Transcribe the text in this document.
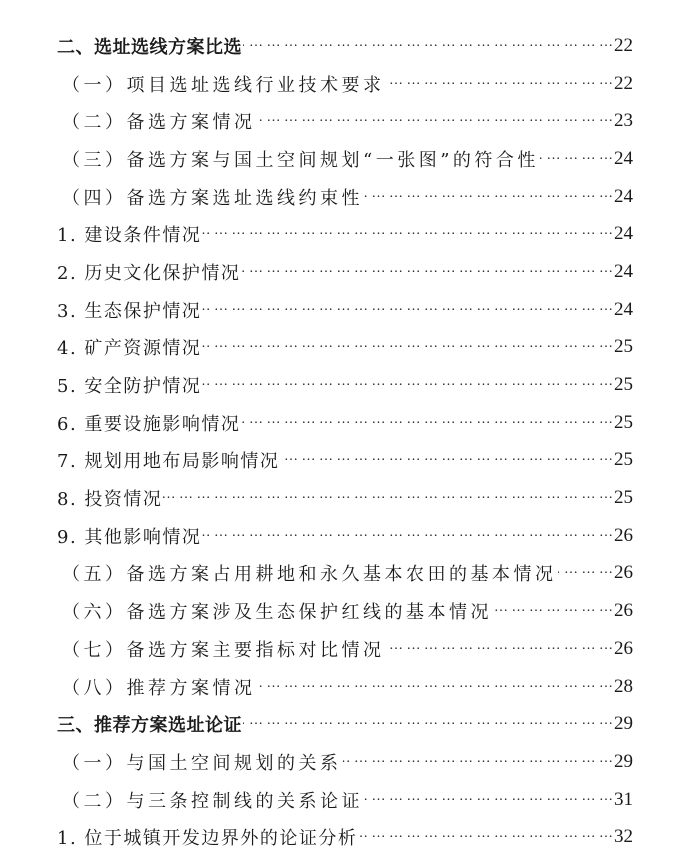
二、选址选线方案比选 … … … … … … … … … … … … … … … … … … … … … … … … … … … … … … … … … … … … … …	22
（一）项目选址选线行业技术要求 … … … … … … … … … … … … … … … … … … … … … … … … … … … … … … … … … … … … … …	22
（二）备选方案情况 … … … … … … … … … … … … … … … … … … … … … … … … … … … … … … … … … … … … … …	23
（三）备选方案与国土空间规划“一张图”的符合性 … … … … … … … … … … … … … … … … … … … … … … … … … … … … … … … … … … … … … …	24
（四）备选方案选址选线约束性 … … … … … … … … … … … … … … … … … … … … … … … … … … … … … … … … … … … … … …	24
1. 建设条件情况 … … … … … … … … … … … … … … … … … … … … … … … … … … … … … … … … … … … … … …	24
2. 历史文化保护情况 … … … … … … … … … … … … … … … … … … … … … … … … … … … … … … … … … … … … … …	24
3. 生态保护情况 … … … … … … … … … … … … … … … … … … … … … … … … … … … … … … … … … … … … … …	24
4. 矿产资源情况 … … … … … … … … … … … … … … … … … … … … … … … … … … … … … … … … … … … … … …	25
5. 安全防护情况 … … … … … … … … … … … … … … … … … … … … … … … … … … … … … … … … … … … … … …	25
6. 重要设施影响情况 … … … … … … … … … … … … … … … … … … … … … … … … … … … … … … … … … … … … … …	25
7. 规划用地布局影响情况 … … … … … … … … … … … … … … … … … … … … … … … … … … … … … … … … … … … … … …	25
8. 投资情况 … … … … … … … … … … … … … … … … … … … … … … … … … … … … … … … … … … … … … …	25
9. 其他影响情况 … … … … … … … … … … … … … … … … … … … … … … … … … … … … … … … … … … … … … …	26
（五）备选方案占用耕地和永久基本农田的基本情况 … … … … … … … … … … … … … … … … … … … … … … … … … … … … … … … … … … … … … …	26
（六）备选方案涉及生态保护红线的基本情况 … … … … … … … … … … … … … … … … … … … … … … … … … … … … … … … … … … … … … …	26
（七）备选方案主要指标对比情况 … … … … … … … … … … … … … … … … … … … … … … … … … … … … … … … … … … … … … …	26
（八）推荐方案情况 … … … … … … … … … … … … … … … … … … … … … … … … … … … … … … … … … … … … … …	28
三、推荐方案选址论证 … … … … … … … … … … … … … … … … … … … … … … … … … … … … … … … … … … … … … …	29
（一）与国土空间规划的关系 … … … … … … … … … … … … … … … … … … … … … … … … … … … … … … … … … … … … … …	29
（二）与三条控制线的关系论证 … … … … … … … … … … … … … … … … … … … … … … … … … … … … … … … … … … … … … …	31
1. 位于城镇开发边界外的论证分析 … … … … … … … … … … … … … … … … … … … … … … … … … … … … … … … … … … … … … …	32
